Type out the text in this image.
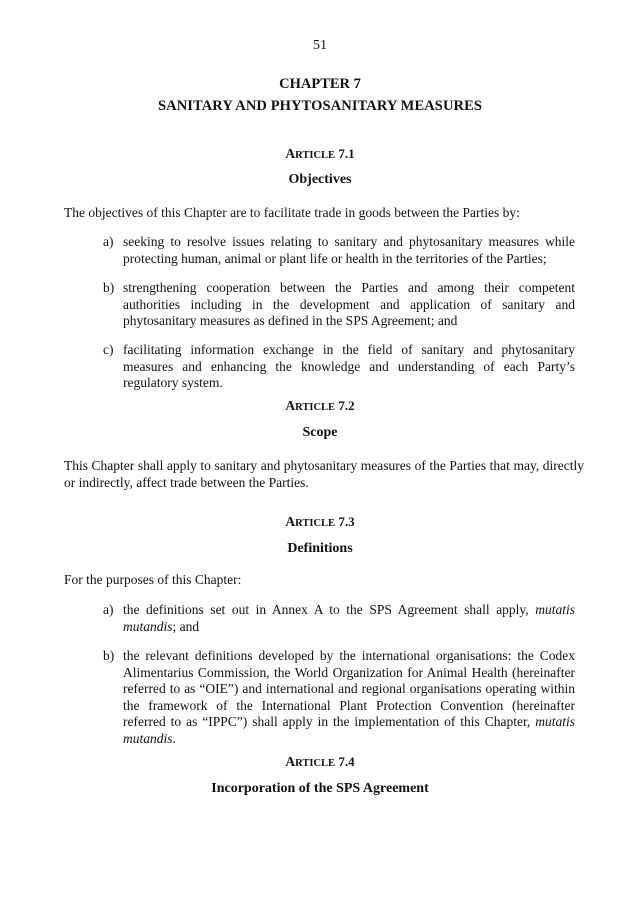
51
CHAPTER 7
SANITARY AND PHYTOSANITARY MEASURES
ARTICLE 7.1
Objectives
The objectives of this Chapter are to facilitate trade in goods between the Parties by:
a) seeking to resolve issues relating to sanitary and phytosanitary measures while protecting human, animal or plant life or health in the territories of the Parties;
b) strengthening cooperation between the Parties and among their competent authorities including in the development and application of sanitary and phytosanitary measures as defined in the SPS Agreement; and
c) facilitating information exchange in the field of sanitary and phytosanitary measures and enhancing the knowledge and understanding of each Party’s regulatory system.
ARTICLE 7.2
Scope
This Chapter shall apply to sanitary and phytosanitary measures of the Parties that may, directly or indirectly, affect trade between the Parties.
ARTICLE 7.3
Definitions
For the purposes of this Chapter:
a) the definitions set out in Annex A to the SPS Agreement shall apply, mutatis mutandis; and
b) the relevant definitions developed by the international organisations: the Codex Alimentarius Commission, the World Organization for Animal Health (hereinafter referred to as “OIE”) and international and regional organisations operating within the framework of the International Plant Protection Convention (hereinafter referred to as “IPPC”) shall apply in the implementation of this Chapter, mutatis mutandis.
ARTICLE 7.4
Incorporation of the SPS Agreement
